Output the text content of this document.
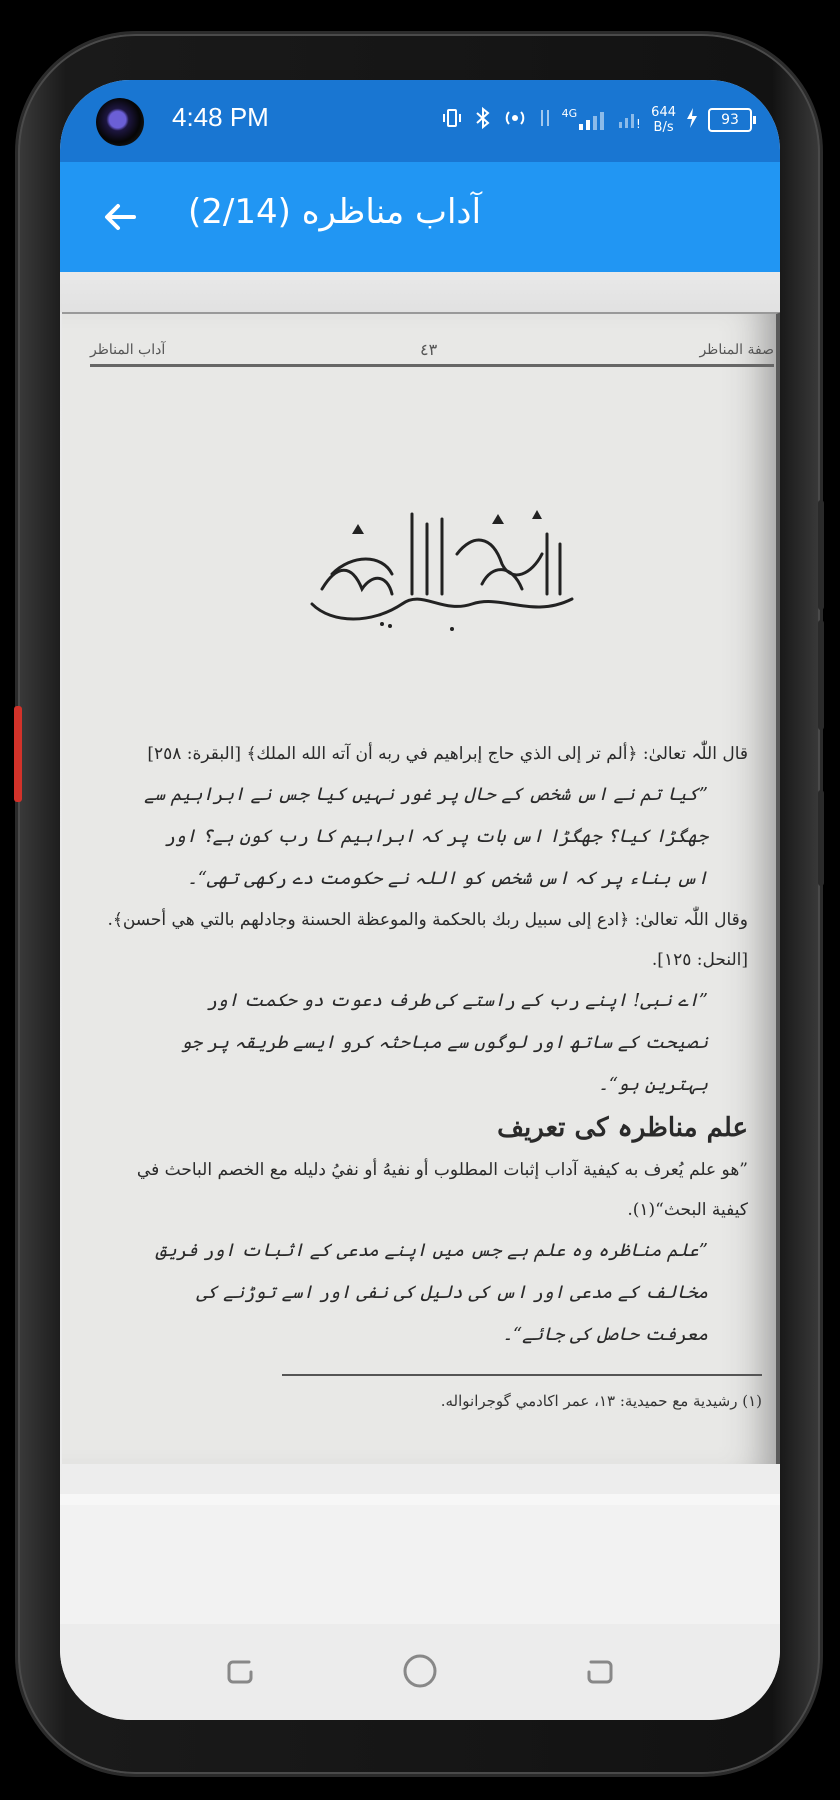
4:48 PM	4G
!
644
B/s	93
آداب مناظره (2/14)
آداب المناظر	٤٣	صفة المناظر
قال اللّٰہ تعالیٰ: ﴿ألم تر إلى الذي حاج إبراهيم في ربه أن آته الله الملك﴾ [البقرة: ٢٥٨]
”کیا تم نے اس شخص کے حال پر غور نہیں کیا جس نے ابراہیم سے جھگڑا کیا؟ جھگڑا اس بات پر کہ ابراہیم کا رب کون ہے؟ اور اس بناء پر کہ اس شخص کو اللہ نے حکومت دے رکھی تھی“۔
وقال اللّٰہ تعالیٰ: ﴿ادع إلى سبيل ربك بالحكمة والموعظة الحسنة وجادلهم بالتي هي أحسن﴾. [النحل: ١٢٥].
”اے نبی! اپنے رب کے راستے کی طرف دعوت دو حکمت اور نصیحت کے ساتھ اور لوگوں سے مباحثہ کرو ایسے طریقہ پر جو بہترین ہو“۔
علم مناظرہ کی تعریف
”هو علم يُعرف به كيفية آداب إثبات المطلوب أو نفيهُ أو نفيُ دليله مع الخصم الباحث في كيفية البحث“(١).
”علم مناظرہ وہ علم ہے جس میں اپنے مدعی کے اثبات اور فریق مخالف کے مدعی اور اس کی دلیل کی نفی اور اسے توڑنے کی معرفت حاصل کی جائے“۔
(١) رشيدية مع حميدية: ١٣، عمر اكادمي گوجرانواله.
